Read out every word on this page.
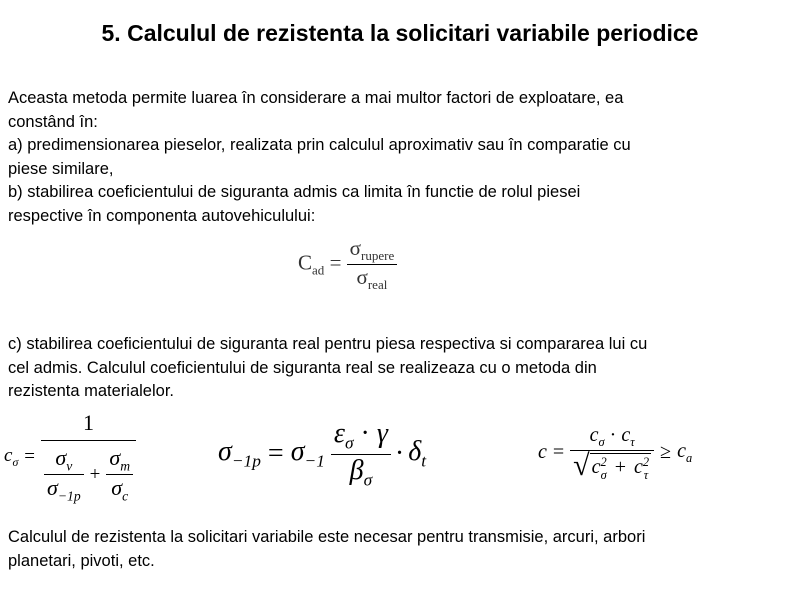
5. Calculul de rezistenta la solicitari variabile periodice
Aceasta metoda permite luarea în considerare a mai multor factori de exploatare, ea
constând în:
a) predimensionarea pieselor, realizata prin calculul aproximativ sau în comparatie cu
piese similare,
b) stabilirea coeficientului de siguranta admis ca limita în functie de rolul piesei
respective în componenta autovehiculului:
$C_{ad} = \frac{\sigma_{rupere}}{\sigma_{real}}$
c) stabilirea coeficientului de siguranta real pentru piesa respectiva si compararea lui cu
cel admis. Calculul coeficientului de siguranta real se realizeaza cu o metoda din
rezistenta materialelor.
$c_\sigma$ =
1
$\frac{\sigma_v}{\sigma_{-1p}} + \frac{\sigma_m}{\sigma_c}$	$\sigma_{-1p} = \sigma_{-1} \frac{\varepsilon_\sigma \cdot \gamma}{\beta_\sigma} \cdot \delta_t$	$c = c_\sigma \cdot c_\tau$
√ c 2
σ + c 2
$\tau \ge c_a$
Calculul de rezistenta la solicitari variabile este necesar pentru transmisie, arcuri, arbori
planetari, pivoti, etc.
